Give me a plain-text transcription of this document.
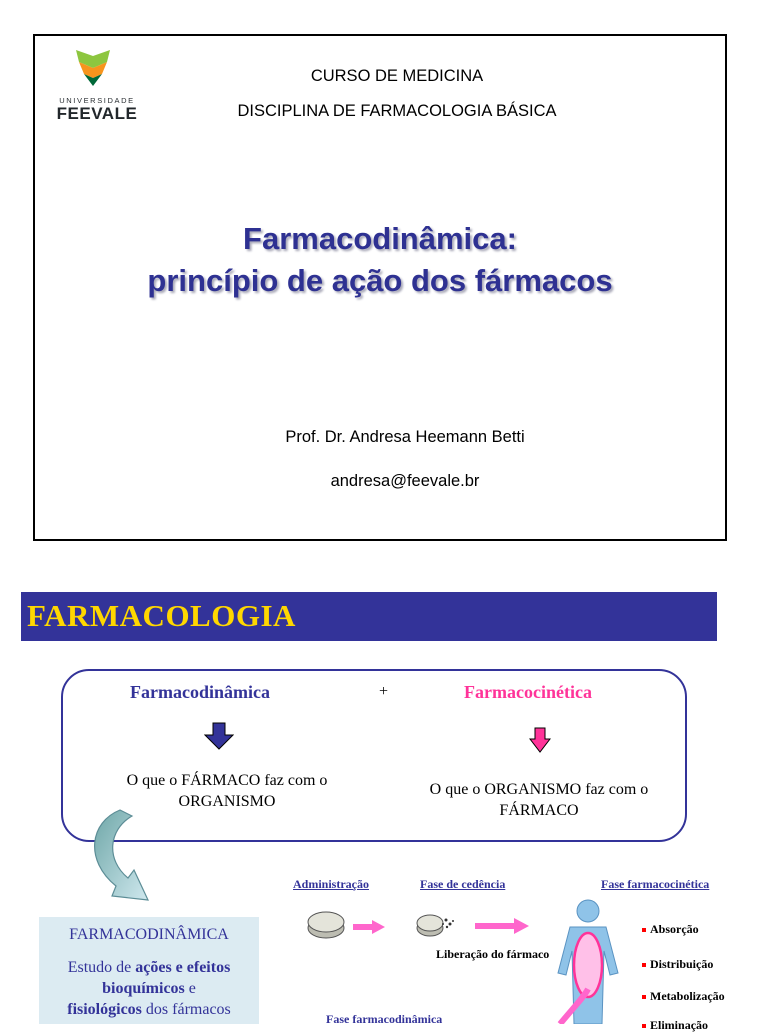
UNIVERSIDADE
FEEVALE
CURSO DE MEDICINA
DISCIPLINA DE FARMACOLOGIA BÁSICA
Farmacodinâmica:
princípio de ação dos fármacos
Prof. Dr. Andresa Heemann Betti
andresa@feevale.br
FARMACOLOGIA
Farmacodinâmica	+	Farmacocinética
O que o FÁRMACO faz com o ORGANISMO
O que o ORGANISMO faz com o FÁRMACO
FARMACODINÂMICA
Estudo de ações e efeitos bioquímicos e
fisiológicos dos fármacos
Administração	Fase de cedência	Fase farmacocinética
Fase farmacodinâmica
Liberação do fármaco
Absorção
Distribuição
Metabolização
Eliminação
